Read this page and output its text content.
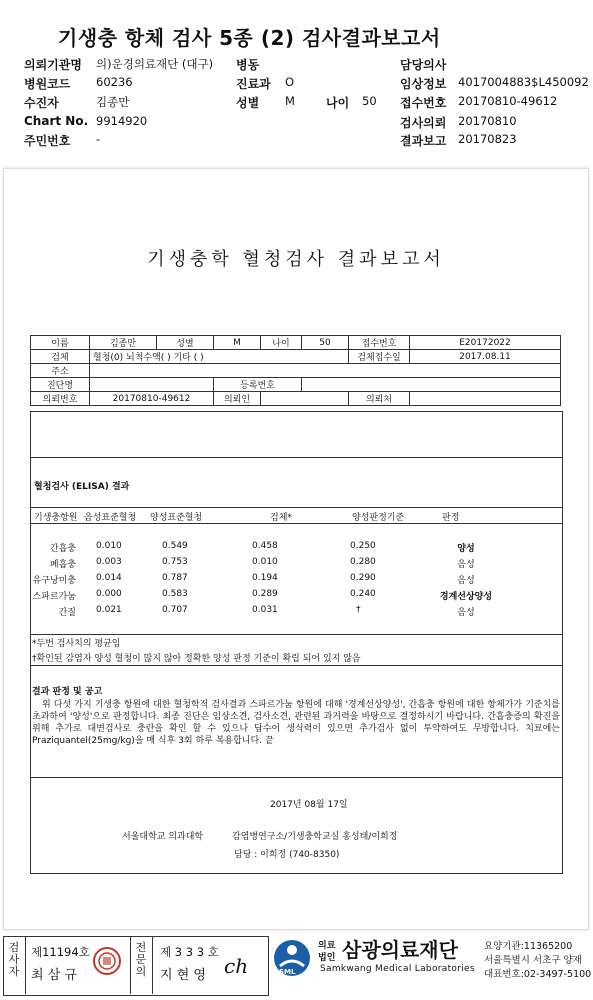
기생충 항체 검사 5종 (2) 검사결과보고서
의뢰기관명 의)운경의료재단 (대구) 병동	담당의사
병원코드 60236	진료과 O	임상정보 4017004883$L450092
수진자	김종만	성별 M	나이 50 접수번호 20170810-49612
Chart No. 9914920	검사의뢰 20170810
주민번호 -	결과보고 20170823
기생충학 혈청검사 결과보고서
이름	김종만	성별	M	나이	50	접수번호	E20172022
검체	혈청(0) 뇌척수액( ) 기타 ( )					검체접수일	2017.08.11
주소							
진단명			등록번호				
의뢰번호	20170810-49612		의뢰인			의뢰처	
혈청검사 (ELISA) 결과
기생충항원 음성표준혈청 양성표준혈청	검체*	양성판정기준	판정
간흡충 0.010	0.549	0.458	0.250	양성
폐흡충 0.003	0.753	0.010	0.280	음성
유구낭미충 0.014	0.787	0.194	0.290	음성
스파르가눔 0.000	0.583	0.289	0.240	경계선상양성
간질 0.021	0.707	0.031	†	음성
*두번 검사치의 평균임
†확인된 감염자 양성 혈청이 많지 않아 정확한 양성 판정 기준이 확립 되어 있지 않음
결과 판정 및 공고
위 다섯 가지 기생충 항원에 대한 혈청학적 검사결과 스파르가눔 항원에 대해 '경계선상양성', 간흡충 항원에 대한 항체가가 기준치를 초과하여 '양성'으로 판정합니다. 최종 진단은 임상소견, 검사소견, 관련된 과거력을 바탕으로 결정하시기 바랍니다. 간흡충증의 확진을 위해 추가로 대변검사로 충란을 확인 할 수 있으나 답수어 생식력이 있으면 추가검사 없이 투약하여도 무방합니다. 치료에는 Praziquantel(25mg/kg)을 매 식후 3회 하루 복용합니다. 끝
2017년 08월 17일
서울대학교 의과대학	감염병연구소/기생충학교실 홍성태/이희정
담당 : 이희정 (740-8350)
검사자
제11194호
최 삼 규
전문의
제 3 3 3 호
지 현 영 ch	SML
의료
법인 삼광의료재단
Samkwang Medical Laboratories
요양기관:11365200
서울특별시 서초구 양재
대표번호:02-3497-5100
